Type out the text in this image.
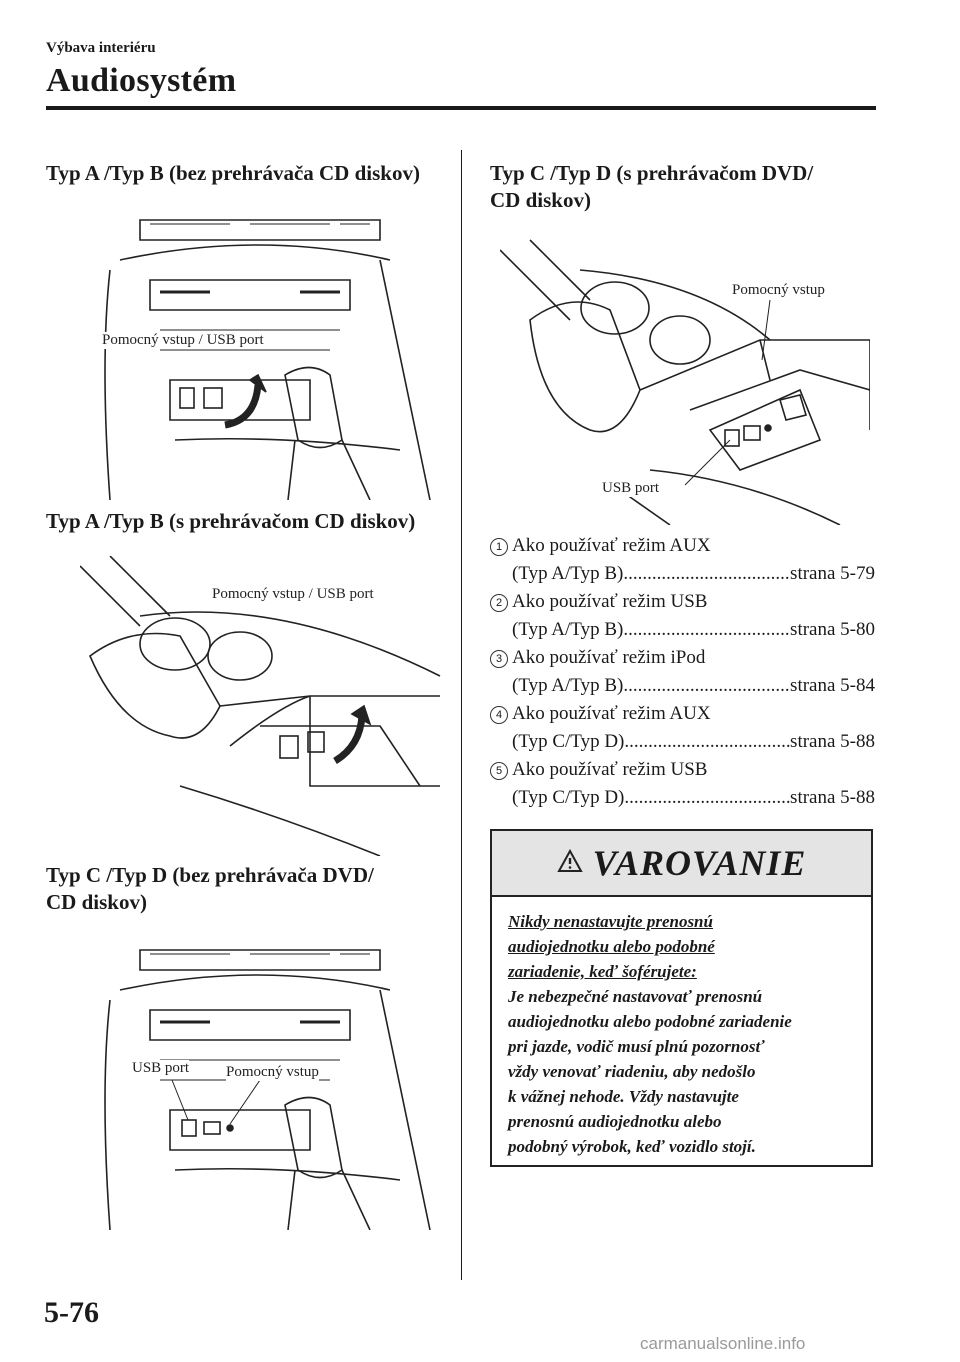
Výbava interiéru
Audiosystém
Typ A /Typ B (bez prehrávača CD diskov)
Pomocný vstup / USB port
Typ A /Typ B (s prehrávačom CD diskov)
Pomocný vstup / USB port
Typ C /Typ D (bez prehrávača DVD/
CD diskov)
USB port Pomocný vstup
Typ C /Typ D (s prehrávačom DVD/
CD diskov)
Pomocný vstup
USB port
1 Ako používať režim AUX
(Typ A/Typ B) .....	strana 5-79
2 Ako používať režim USB
(Typ A/Typ B) .....	strana 5-80
3 Ako používať režim iPod
(Typ A/Typ B) .....	strana 5-84
4 Ako používať režim AUX
(Typ C/Typ D) .....	strana 5-88
5 Ako používať režim USB
(Typ C/Typ D) .....	strana 5-88
VAROVANIE
Nikdy nenastavujte prenosnú
audiojednotku alebo podobné
zariadenie, keď šoférujete:
Je nebezpečné nastavovať prenosnú
audiojednotku alebo podobné zariadenie
pri jazde, vodič musí plnú pozornosť
vždy venovať riadeniu, aby nedošlo
k vážnej nehode. Vždy nastavujte
prenosnú audiojednotku alebo
podobný výrobok, keď vozidlo stojí.
5-76
carmanualsonline.info
